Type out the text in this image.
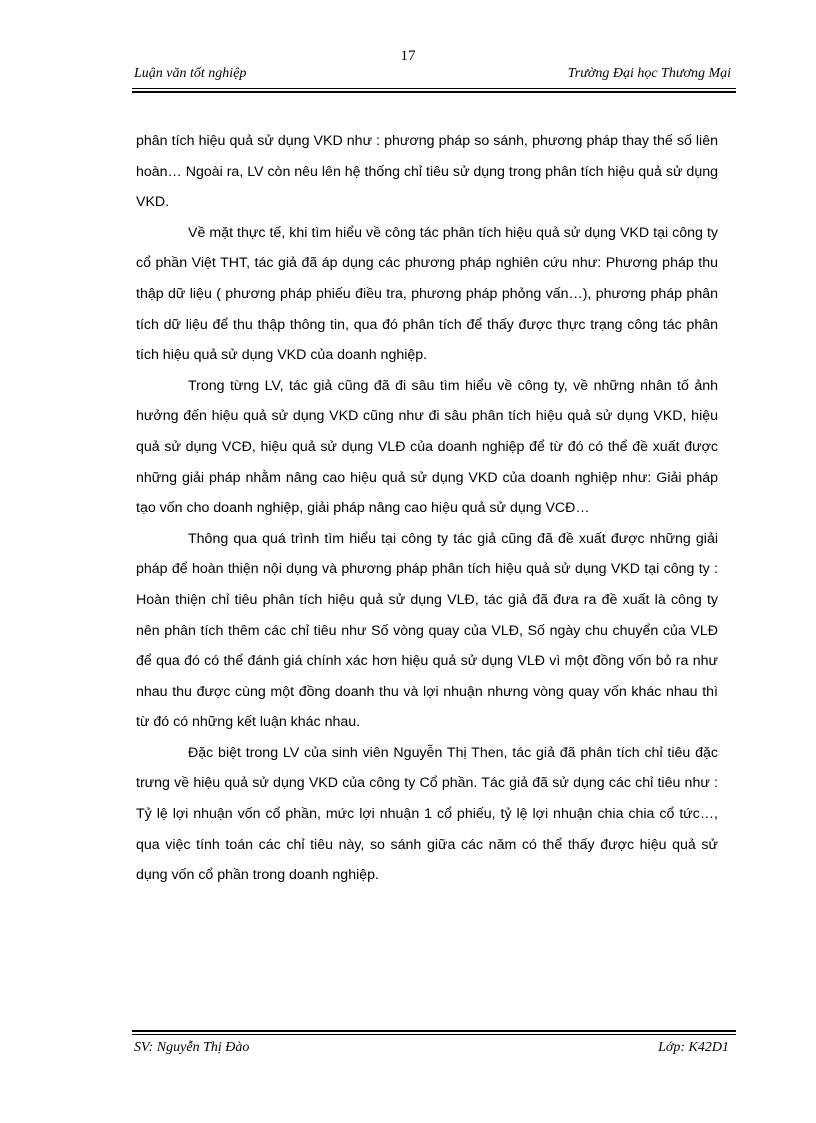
17
Luận văn tốt nghiệp	Trường Đại học Thương Mại

phân tích hiệu quả sử dụng VKD như : phương pháp so sánh, phương pháp thay thế số liên hoàn… Ngoài ra, LV còn nêu lên hệ thống chỉ tiêu sử dụng trong phân tích hiệu quả sử dụng VKD.

Về mặt thực tế, khi tìm hiểu về công tác phân tích hiệu quả sử dụng VKD tại công ty cổ phần Việt THT, tác giả đã áp dụng các phương pháp nghiên cứu như: Phương pháp thu thập dữ liệu ( phương pháp phiếu điều tra, phương pháp phỏng vấn…), phương pháp phân tích dữ liệu để thu thập thông tin, qua đó phân tích để thấy được thực trạng công tác phân tích hiệu quả sử dụng VKD của doanh nghiệp.

Trong từng LV, tác giả cũng đã đi sâu tìm hiểu về công ty, về những nhân tố ảnh hưởng đến hiệu quả sử dụng VKD cũng như đi sâu phân tích hiệu quả sử dụng VKD, hiệu quả sử dụng VCĐ, hiệu quả sử dụng VLĐ của doanh nghiệp để từ đó có thể đề xuất được những giải pháp nhằm nâng cao hiệu quả sử dụng VKD của doanh nghiệp như: Giải pháp tạo vốn cho doanh nghiệp, giải pháp nâng cao hiệu quả sử dụng VCĐ…

Thông qua quá trình tìm hiểu tại công ty tác giả cũng đã đề xuất được những giải pháp để hoàn thiện nội dụng và phương pháp phân tích hiệu quả sử dụng VKD tại công ty : Hoàn thiện chỉ tiêu phân tích hiệu quả sử dụng VLĐ, tác giả đã đưa ra đề xuất là công ty nên phân tích thêm các chỉ tiêu như Số vòng quay của VLĐ, Số ngày chu chuyển của VLĐ để qua đó có thể đánh giá chính xác hơn hiệu quả sử dụng VLĐ vì một đồng vốn bỏ ra như nhau thu được cùng một đồng doanh thu và lợi nhuận nhưng vòng quay vốn khác nhau thì từ đó có những kết luận khác nhau.

Đặc biệt trong LV của sinh viên Nguyễn Thị Then, tác giả đã phân tích chỉ tiêu đặc trưng về hiệu quả sử dụng VKD của công ty Cổ phần. Tác giả đã sử dụng các chỉ tiêu như : Tỷ lệ lợi nhuận vốn cổ phần, mức lợi nhuận 1 cổ phiếu, tỷ lệ lợi nhuận chia chia cổ tức…, qua việc tính toán các chỉ tiêu này, so sánh giữa các năm có thể thấy được hiệu quả sử dụng vốn cổ phần trong doanh nghiệp.

SV: Nguyễn Thị Đào	Lớp: K42D1
